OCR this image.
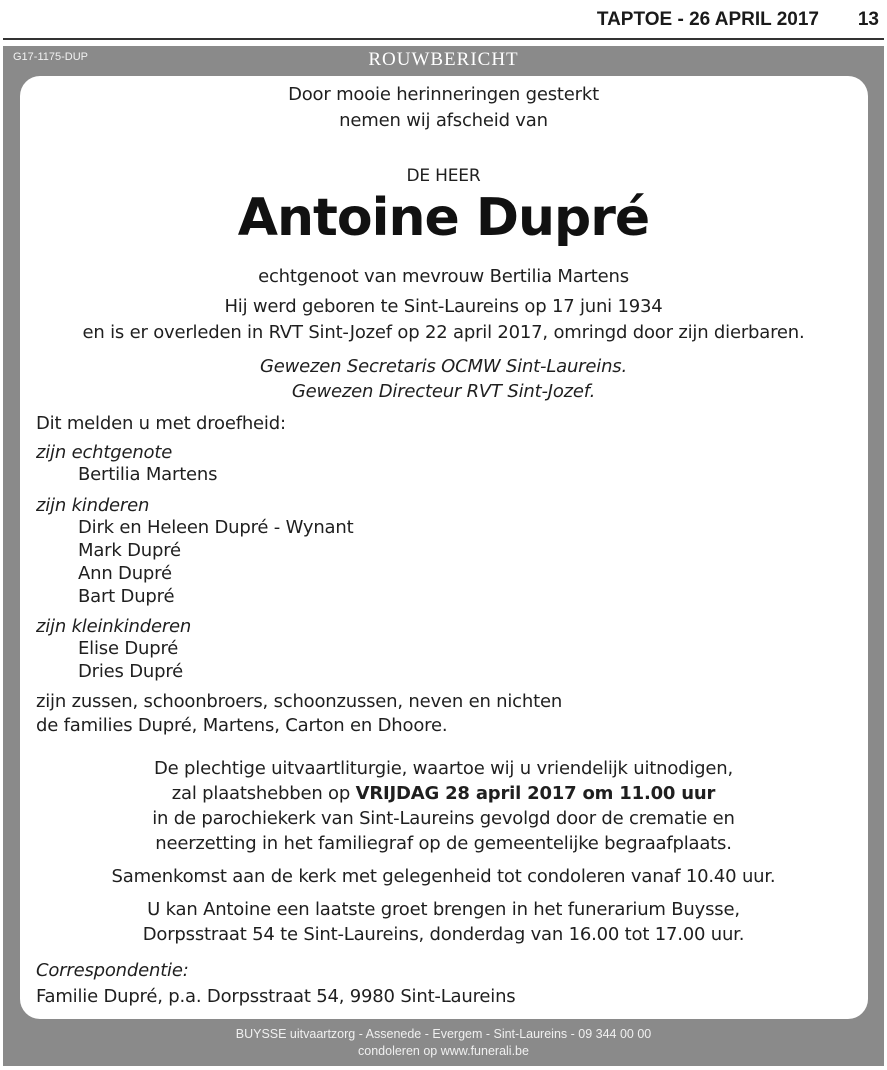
TAPTOE - 26 APRIL 2017 13
G17-1175-DUP	ROUWBERICHT
BUYSSE uitvaartzorg - Assenede - Evergem - Sint-Laureins - 09 344 00 00
condoleren op www.funerali.be
Door mooie herinneringen gesterkt
nemen wij afscheid van
DE HEER
Antoine Dupré
echtgenoot van mevrouw Bertilia Martens
Hij werd geboren te Sint-Laureins op 17 juni 1934
en is er overleden in RVT Sint-Jozef op 22 april 2017, omringd door zijn dierbaren.
Gewezen Secretaris OCMW Sint-Laureins.
Gewezen Directeur RVT Sint-Jozef.
Dit melden u met droefheid:
zijn echtgenote
Bertilia Martens
zijn kinderen
Dirk en Heleen Dupré - Wynant
Mark Dupré
Ann Dupré
Bart Dupré
zijn kleinkinderen
Elise Dupré
Dries Dupré
zijn zussen, schoonbroers, schoonzussen, neven en nichten
de families Dupré, Martens, Carton en Dhoore.
De plechtige uitvaartliturgie, waartoe wij u vriendelijk uitnodigen,
zal plaatshebben op VRIJDAG 28 april 2017 om 11.00 uur
in de parochiekerk van Sint-Laureins gevolgd door de crematie en
neerzetting in het familiegraf op de gemeentelijke begraafplaats.
Samenkomst aan de kerk met gelegenheid tot condoleren vanaf 10.40 uur.
U kan Antoine een laatste groet brengen in het funerarium Buysse,
Dorpsstraat 54 te Sint-Laureins, donderdag van 16.00 tot 17.00 uur.
Correspondentie:
Familie Dupré, p.a. Dorpsstraat 54, 9980 Sint-Laureins
